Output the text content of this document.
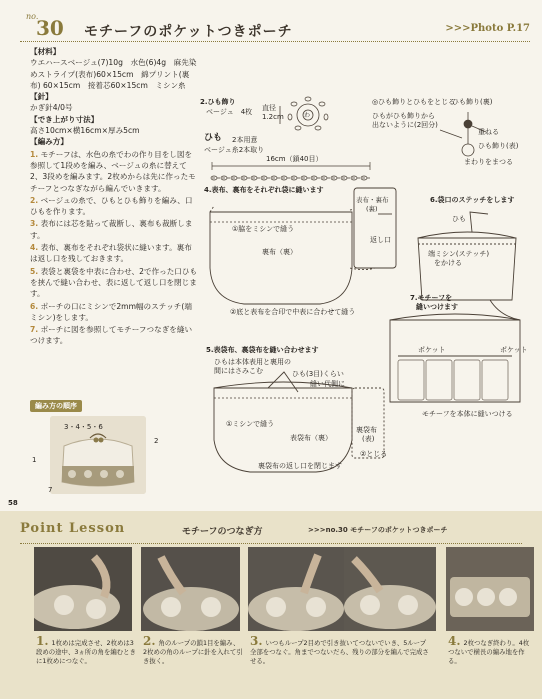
no.
30 モチーフのポケットつきポーチ	>>>Photo P.17
【材料】
ウエハースベージュ(7)10g　水色(6)4g　麻先染めストライプ(表布)60×15cm　綿プリント(裏布) 60×15cm　接着芯60×15cm　ミシン糸
【針】
かぎ針4/0号
【でき上がり寸法】
高さ10cm×横16cm×厚み5cm
【編み方】
1. モチーフは、水色の糸でわの作り目をし図を参照して1段めを編み、ベージュの糸に替えて2、3段めを編みます。2枚めからは先に作ったモチーフとつなぎながら編んでいきます。
2. ベージュの糸で、ひもとひも飾りを編み、口ひもを作ります。
3. 表布には芯を貼って裁断し、裏布も裁断します。
4. 表布、裏布をそれぞれ袋状に縫います。裏布は返し口を残しておきます。
5. 表袋と裏袋を中表に合わせ、2で作った口ひもを挟んで縫い合わせ、表に返して返し口を閉じます。
6. ポーチの口にミシンで2mm幅のステッチ(端ミシン)をします。
7. ポーチに図を参照してモチーフつなぎを縫いつけます。
編み方の順序
3・4・5・6
2
1
7
58
2.ひも飾り
ベージュ　4枚 直径
1.2cm	わ
◎ひも飾りとひもをとじる
ひも飾り(裏)
ひもがひも飾りから
出ないように(2回分)
重ねる
ひも飾り(表)
まわりをまつる
ひも 2本用意
ベージュ糸2本取り
16cm（鎖40目）
4.表布、裏布をそれぞれ袋に縫います
①脇をミシンで縫う
裏布（裏）
表布・裏布
(裏)
返し口
②底と表布を合印で中表に合わせて縫う
6.袋口のステッチをします
ひも
端ミシン(ステッチ)
をかける
7.モチーフを
縫いつけます
ポケット	ポケット
モチーフを本体に縫いつける
5.表袋布、裏袋布を縫い合わせます
ひもは本体表用と裏用の
間にはさみこむ	ひも(3目)くらい
縫い代側に
①ミシンで縫う
表袋布（裏）
裏袋布
(表)
②とじる
裏袋布の返し口を閉じます
Point Lesson	モチーフのつなぎ方	>>>no.30 モチーフのポケットつきポーチ
1. 1枚めは完成させ、2枚めは3段めの途中、3ヵ所の角を編むときに1枚めにつなぐ。
2. 角のループの鎖1目を編み、2枚めの角のループに針を入れて引き抜く。
3. いつもループ2目めで引き抜いてつないでいき、5ループ全部をつなぐ。角までつないだら、残りの部分を編んで完成させる。
4. 2枚つなぎ終わり。4枚つないで横長の編み地を作る。
